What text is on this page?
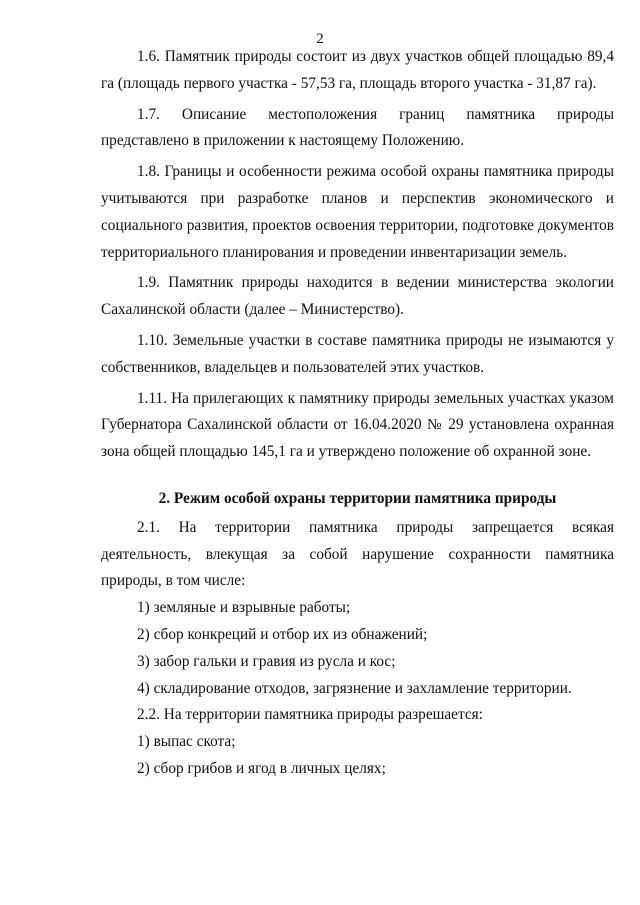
2

1.6. Памятник природы состоит из двух участков общей площадью 89,4 га (площадь первого участка - 57,53 га, площадь второго участка - 31,87 га).

1.7. Описание местоположения границ памятника природы представлено в приложении к настоящему Положению.

1.8. Границы и особенности режима особой охраны памятника природы учитываются при разработке планов и перспектив экономического и социального развития, проектов освоения территории, подготовке документов территориального планирования и проведении инвентаризации земель.

1.9. Памятник природы находится в ведении министерства экологии Сахалинской области (далее – Министерство).

1.10. Земельные участки в составе памятника природы не изымаются у собственников, владельцев и пользователей этих участков.

1.11. На прилегающих к памятнику природы земельных участках указом Губернатора Сахалинской области от 16.04.2020 № 29 установлена охранная зона общей площадью 145,1 га и утверждено положение об охранной зоне.

2. Режим особой охраны территории памятника природы

2.1. На территории памятника природы запрещается всякая деятельность, влекущая за собой нарушение сохранности памятника природы, в том числе:

1) земляные и взрывные работы;

2) сбор конкреций и отбор их из обнажений;

3) забор гальки и гравия из русла и кос;

4) складирование отходов, загрязнение и захламление территории.

2.2. На территории памятника природы разрешается:

1) выпас скота;

2) сбор грибов и ягод в личных целях;
